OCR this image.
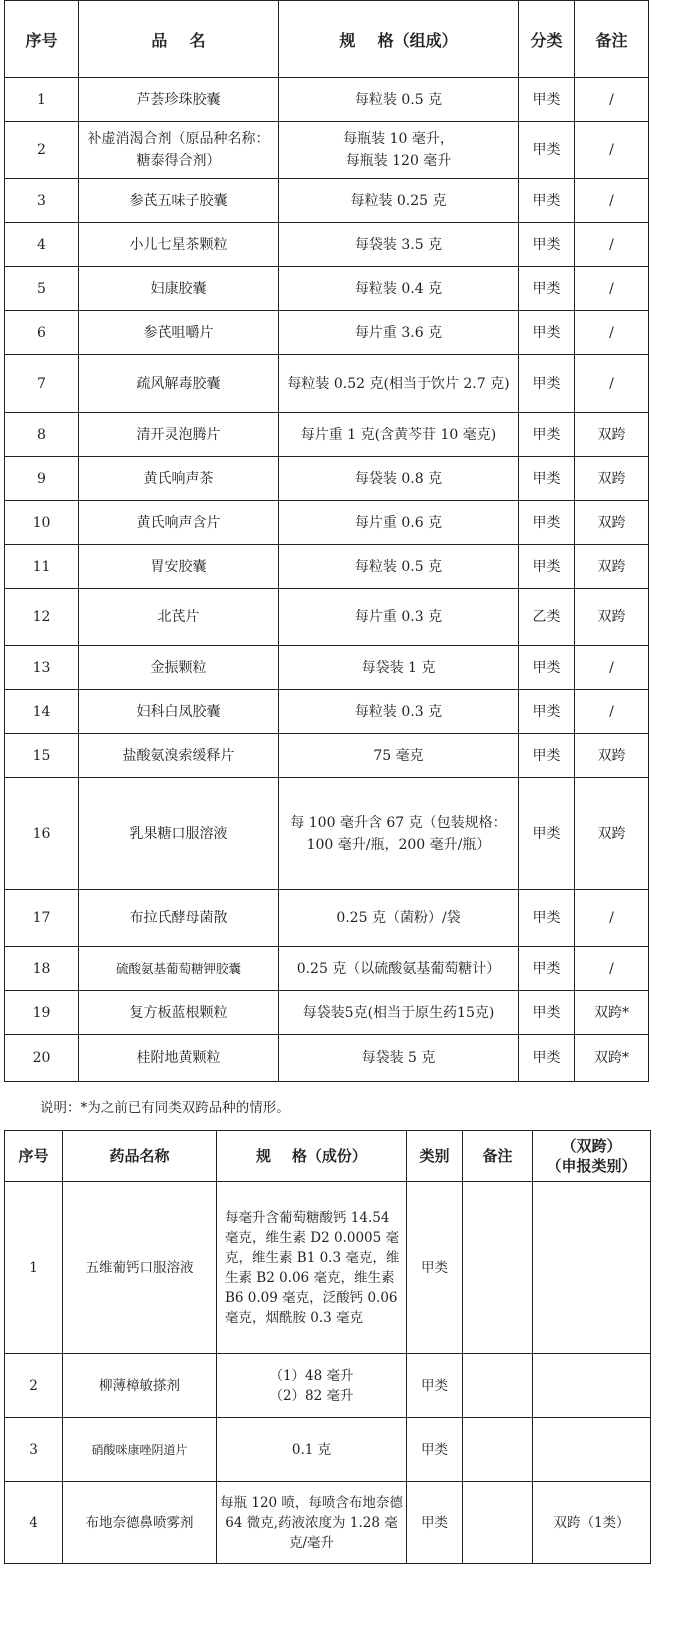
序号	品    名	规    格（组成）	分类	备注
1	芦荟珍珠胶囊	每粒装 0.5 克	甲类	/
2	补虚消渴合剂（原品种名称：糖泰得合剂）	每瓶装 10 毫升，
每瓶装 120 毫升	甲类	/
3	参芪五味子胶囊	每粒装 0.25 克	甲类	/
4	小儿七星茶颗粒	每袋装 3.5 克	甲类	/
5	妇康胶囊	每粒装 0.4 克	甲类	/
6	参芪咀嚼片	每片重 3.6 克	甲类	/
7	疏风解毒胶囊	每粒装 0.52 克(相当于饮片 2.7 克)	甲类	/
8	清开灵泡腾片	每片重 1 克(含黄芩苷 10 毫克)	甲类	双跨
9	黄氏响声茶	每袋装 0.8 克	甲类	双跨
10	黄氏响声含片	每片重 0.6 克	甲类	双跨
11	胃安胶囊	每粒装 0.5 克	甲类	双跨
12	北芪片	每片重 0.3 克	乙类	双跨
13	金振颗粒	每袋装 1 克	甲类	/
14	妇科白凤胶囊	每粒装 0.3 克	甲类	/
15	盐酸氨溴索缓释片	75 毫克	甲类	双跨
16	乳果糖口服溶液	每 100 毫升含 67 克（包装规格：100 毫升/瓶，200 毫升/瓶）	甲类	双跨
17	布拉氏酵母菌散	0.25 克（菌粉）/袋	甲类	/
18	硫酸氨基葡萄糖钾胶囊	0.25 克（以硫酸氨基葡萄糖计）	甲类	/
19	复方板蓝根颗粒	每袋装5克(相当于原生药15克)	甲类	双跨*
20	桂附地黄颗粒	每袋装 5 克	甲类	双跨*
说明：*为之前已有同类双跨品种的情形。
序号	药品名称	规    格（成份）	类别	备注	（双跨）
（申报类别）
1	五维葡钙口服溶液	每毫升含葡萄糖酸钙 14.54 毫克，维生素 D2 0.0005 毫克，维生素 B1 0.3 毫克，维生素 B2 0.06 毫克，维生素 B6 0.09 毫克，泛酸钙 0.06 毫克，烟酰胺 0.3 毫克	甲类		
2	柳薄樟敏搽剂	（1）48 毫升
（2）82 毫升	甲类		
3	硝酸咪康唑阴道片	0.1 克	甲类		
4	布地奈德鼻喷雾剂	每瓶 120 喷，每喷含布地奈德 64 微克,药液浓度为 1.28 毫克/毫升	甲类		双跨（1类）
